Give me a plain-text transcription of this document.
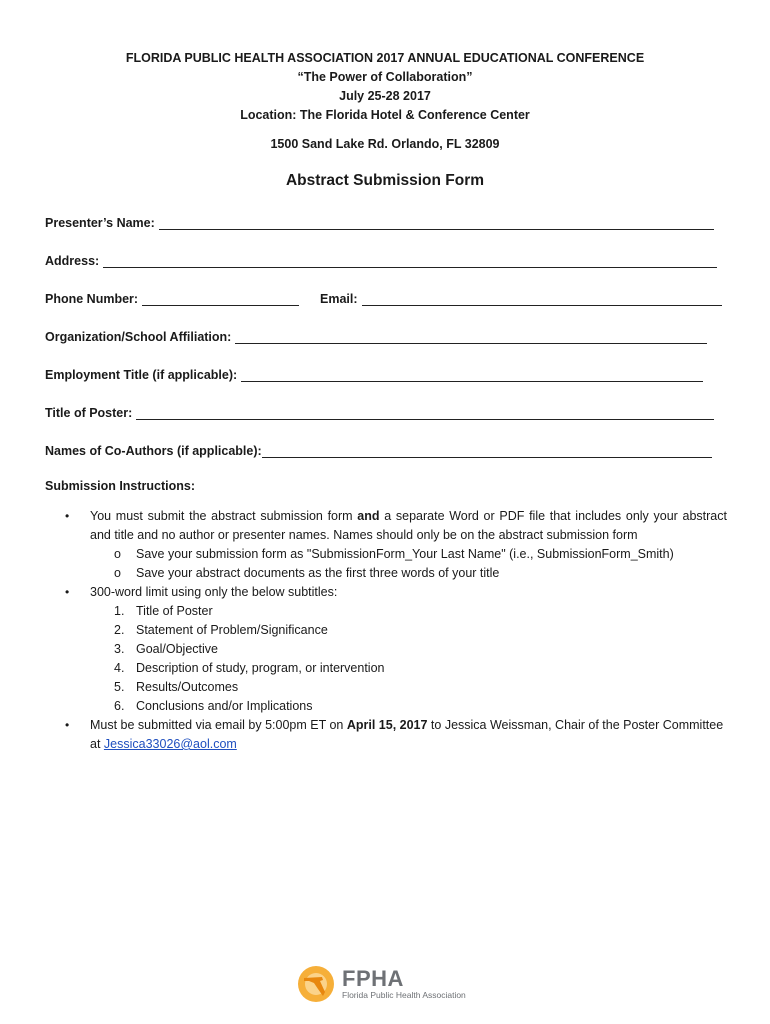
FLORIDA PUBLIC HEALTH ASSOCIATION 2017 ANNUAL EDUCATIONAL CONFERENCE
“The Power of Collaboration”
July 25-28 2017
Location: The Florida Hotel & Conference Center
1500 Sand Lake Rd. Orlando, FL 32809
Abstract Submission Form
Presenter’s Name:
Address:
Phone Number:	Email:
Organization/School Affiliation:
Employment Title (if applicable):
Title of Poster:
Names of Co-Authors (if applicable):
Submission Instructions:
• You must submit the abstract submission form and a separate Word or PDF file that includes only your abstract and title and no author or presenter names. Names should only be on the abstract submission form
o Save your submission form as "SubmissionForm_Your Last Name" (i.e., SubmissionForm_Smith)
o Save your abstract documents as the first three words of your title
• 300-word limit using only the below subtitles:
1. Title of Poster
2. Statement of Problem/Significance
3. Goal/Objective
4. Description of study, program, or intervention
5. Results/Outcomes
6. Conclusions and/or Implications
• Must be submitted via email by 5:00pm ET on April 15, 2017 to Jessica Weissman, Chair of the Poster Committee at Jessica33026@aol.com
FPHA
Florida Public Health Association
